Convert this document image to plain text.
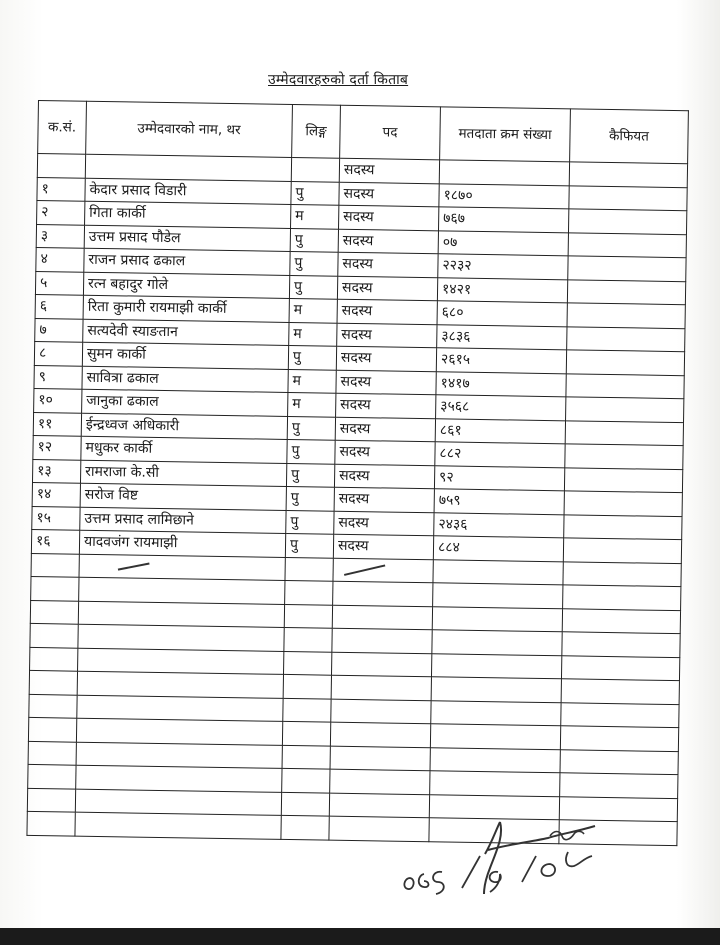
उम्मेदवारहरुको दर्ता किताब
क.सं.	उम्मेदवारको नाम, थर	लिङ्ग	पद	मतदाता क्रम संख्या	कैफियत
			सदस्य		
१	केदार प्रसाद विडारी	पु	सदस्य	१८७०	
२	गिता कार्की	म	सदस्य	७६७	
३	उत्तम प्रसाद पौडेल	पु	सदस्य	०७	
४	राजन प्रसाद ढकाल	पु	सदस्य	२२३२	
५	रत्न बहादुर गोले	पु	सदस्य	१४२१	
६	रिता कुमारी रायमाझी कार्की	म	सदस्य	६८०	
७	सत्यदेवी स्याङतान	म	सदस्य	३८३६	
८	सुमन कार्की	पु	सदस्य	२६१५	
९	सावित्रा ढकाल	म	सदस्य	१४१७	
१०	जानुका ढकाल	म	सदस्य	३५६८	
११	ईन्द्रध्वज अधिकारी	पु	सदस्य	८६१	
१२	मधुकर कार्की	पु	सदस्य	८८२	
१३	रामराजा के.सी	पु	सदस्य	९२	
१४	सरोज विष्ट	पु	सदस्य	७५९	
१५	उत्तम प्रसाद लामिछाने	पु	सदस्य	२४३६	
१६	यादवजंग रायमाझी	पु	सदस्य	८८४	
